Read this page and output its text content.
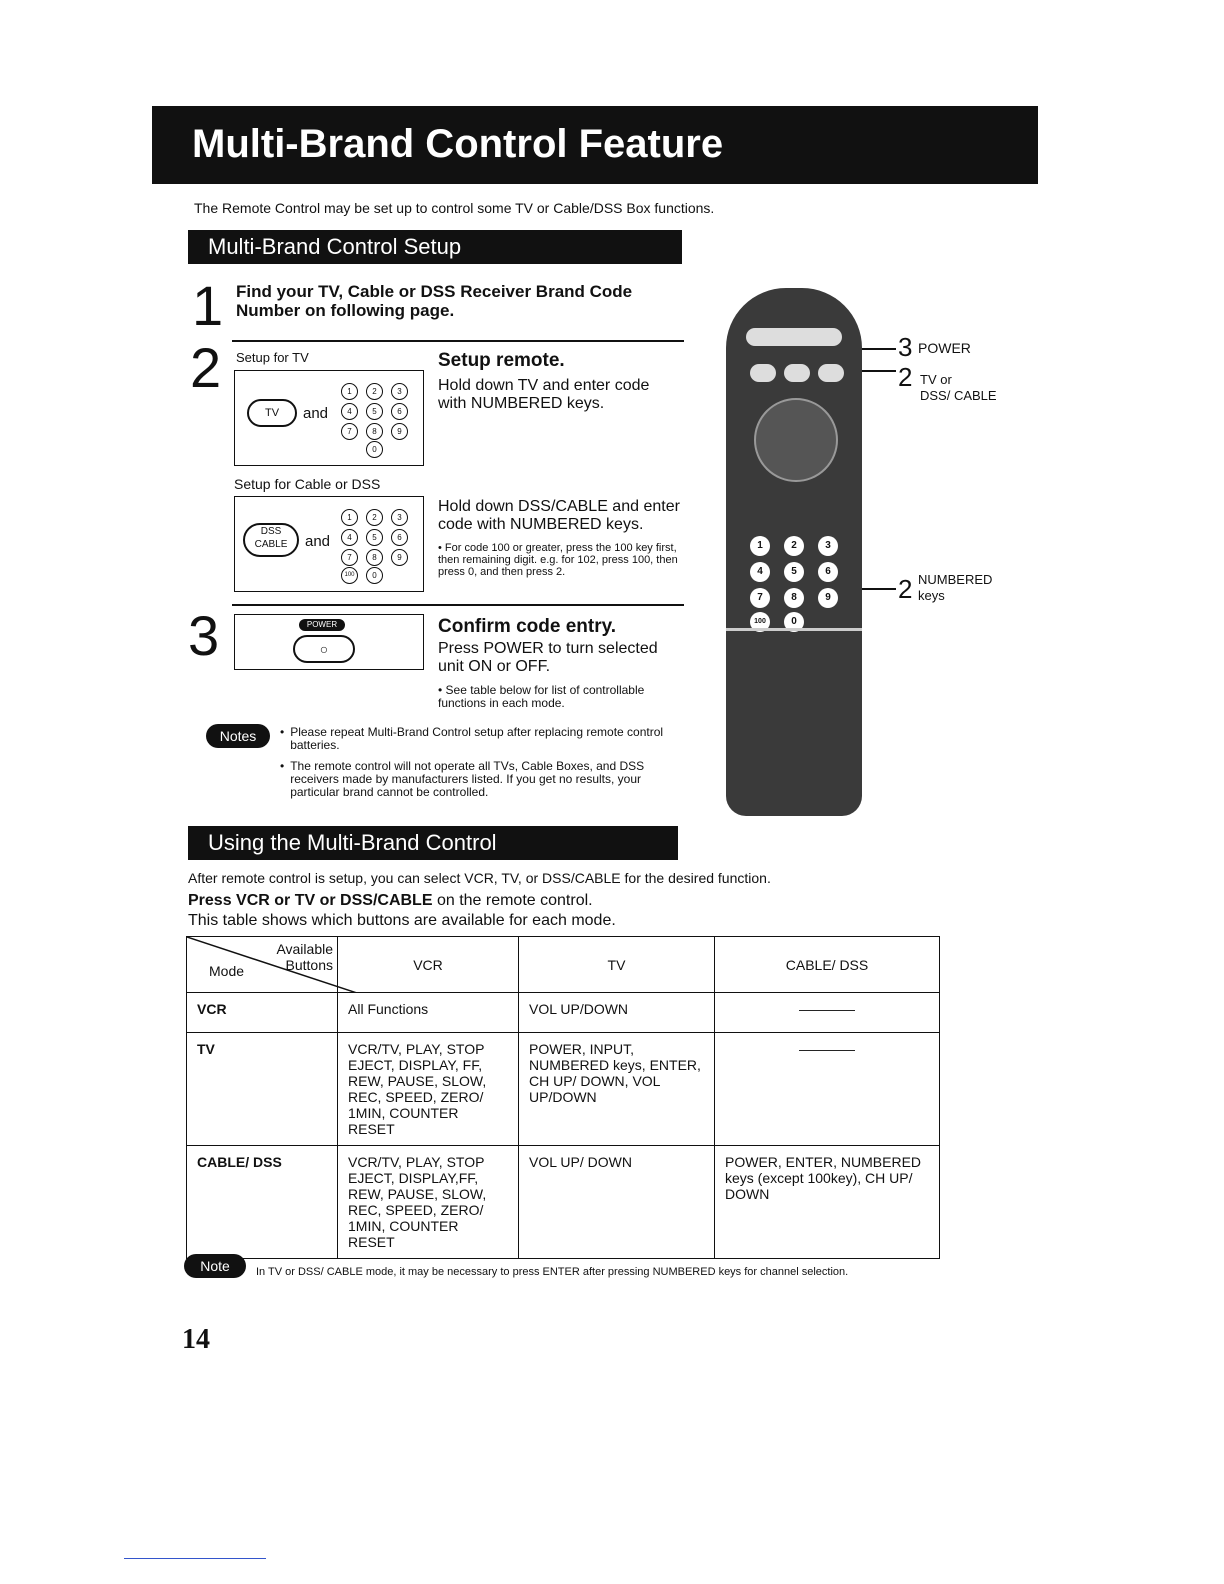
Multi-Brand Control Feature
The Remote Control may be set up to control some TV or Cable/DSS Box functions.
Multi-Brand Control Setup
1 Find your TV, Cable or DSS Receiver Brand Code Number on following page.
2 Setup for TV
TV	and
1	2	3
4	5	6
7	8	9
0
Setup remote.
Hold down TV and enter code with NUMBERED keys.
Setup for Cable or DSS
DSS
CABLE	and
1	2	3
4	5	6
7	8	9
100	0
Hold down DSS/CABLE and enter code with NUMBERED keys.
• For code 100 or greater, press the 100 key first, then remaining digit. e.g. for 102, press 100, then press 0, and then press 2.
3	POWER
○
Confirm code entry.
Press POWER to turn selected unit ON or OFF.
• See table below for list of controllable functions in each mode.
Notes	• Please repeat Multi-Brand Control setup after replacing remote control batteries.
• The remote control will not operate all TVs, Cable Boxes, and DSS receivers made by manufacturers listed. If you get no results, your particular brand cannot be controlled.
1	2	3
4	5	6
7	8	9
100	0
3 POWER
2 TV or
DSS/ CABLE
2 NUMBERED
keys
Using the Multi-Brand Control
After remote control is setup, you can select VCR, TV, or DSS/CABLE for the desired function.
Press VCR or TV or DSS/CABLE on the remote control.
This table shows which buttons are available for each mode.
Available
Buttons
Mode	VCR	TV	CABLE/ DSS
VCR	All Functions	VOL UP/DOWN	————
TV	VCR/TV, PLAY, STOP EJECT, DISPLAY, FF, REW, PAUSE, SLOW, REC, SPEED, ZERO/ 1MIN, COUNTER RESET	POWER, INPUT, NUMBERED keys, ENTER, CH UP/ DOWN, VOL UP/DOWN	————
CABLE/ DSS	VCR/TV, PLAY, STOP EJECT, DISPLAY,FF, REW, PAUSE, SLOW, REC, SPEED, ZERO/ 1MIN, COUNTER RESET	VOL UP/ DOWN	POWER, ENTER, NUMBERED keys (except 100key), CH UP/ DOWN
Note	In TV or DSS/ CABLE mode, it may be necessary to press ENTER after pressing NUMBERED keys for channel selection.
14
